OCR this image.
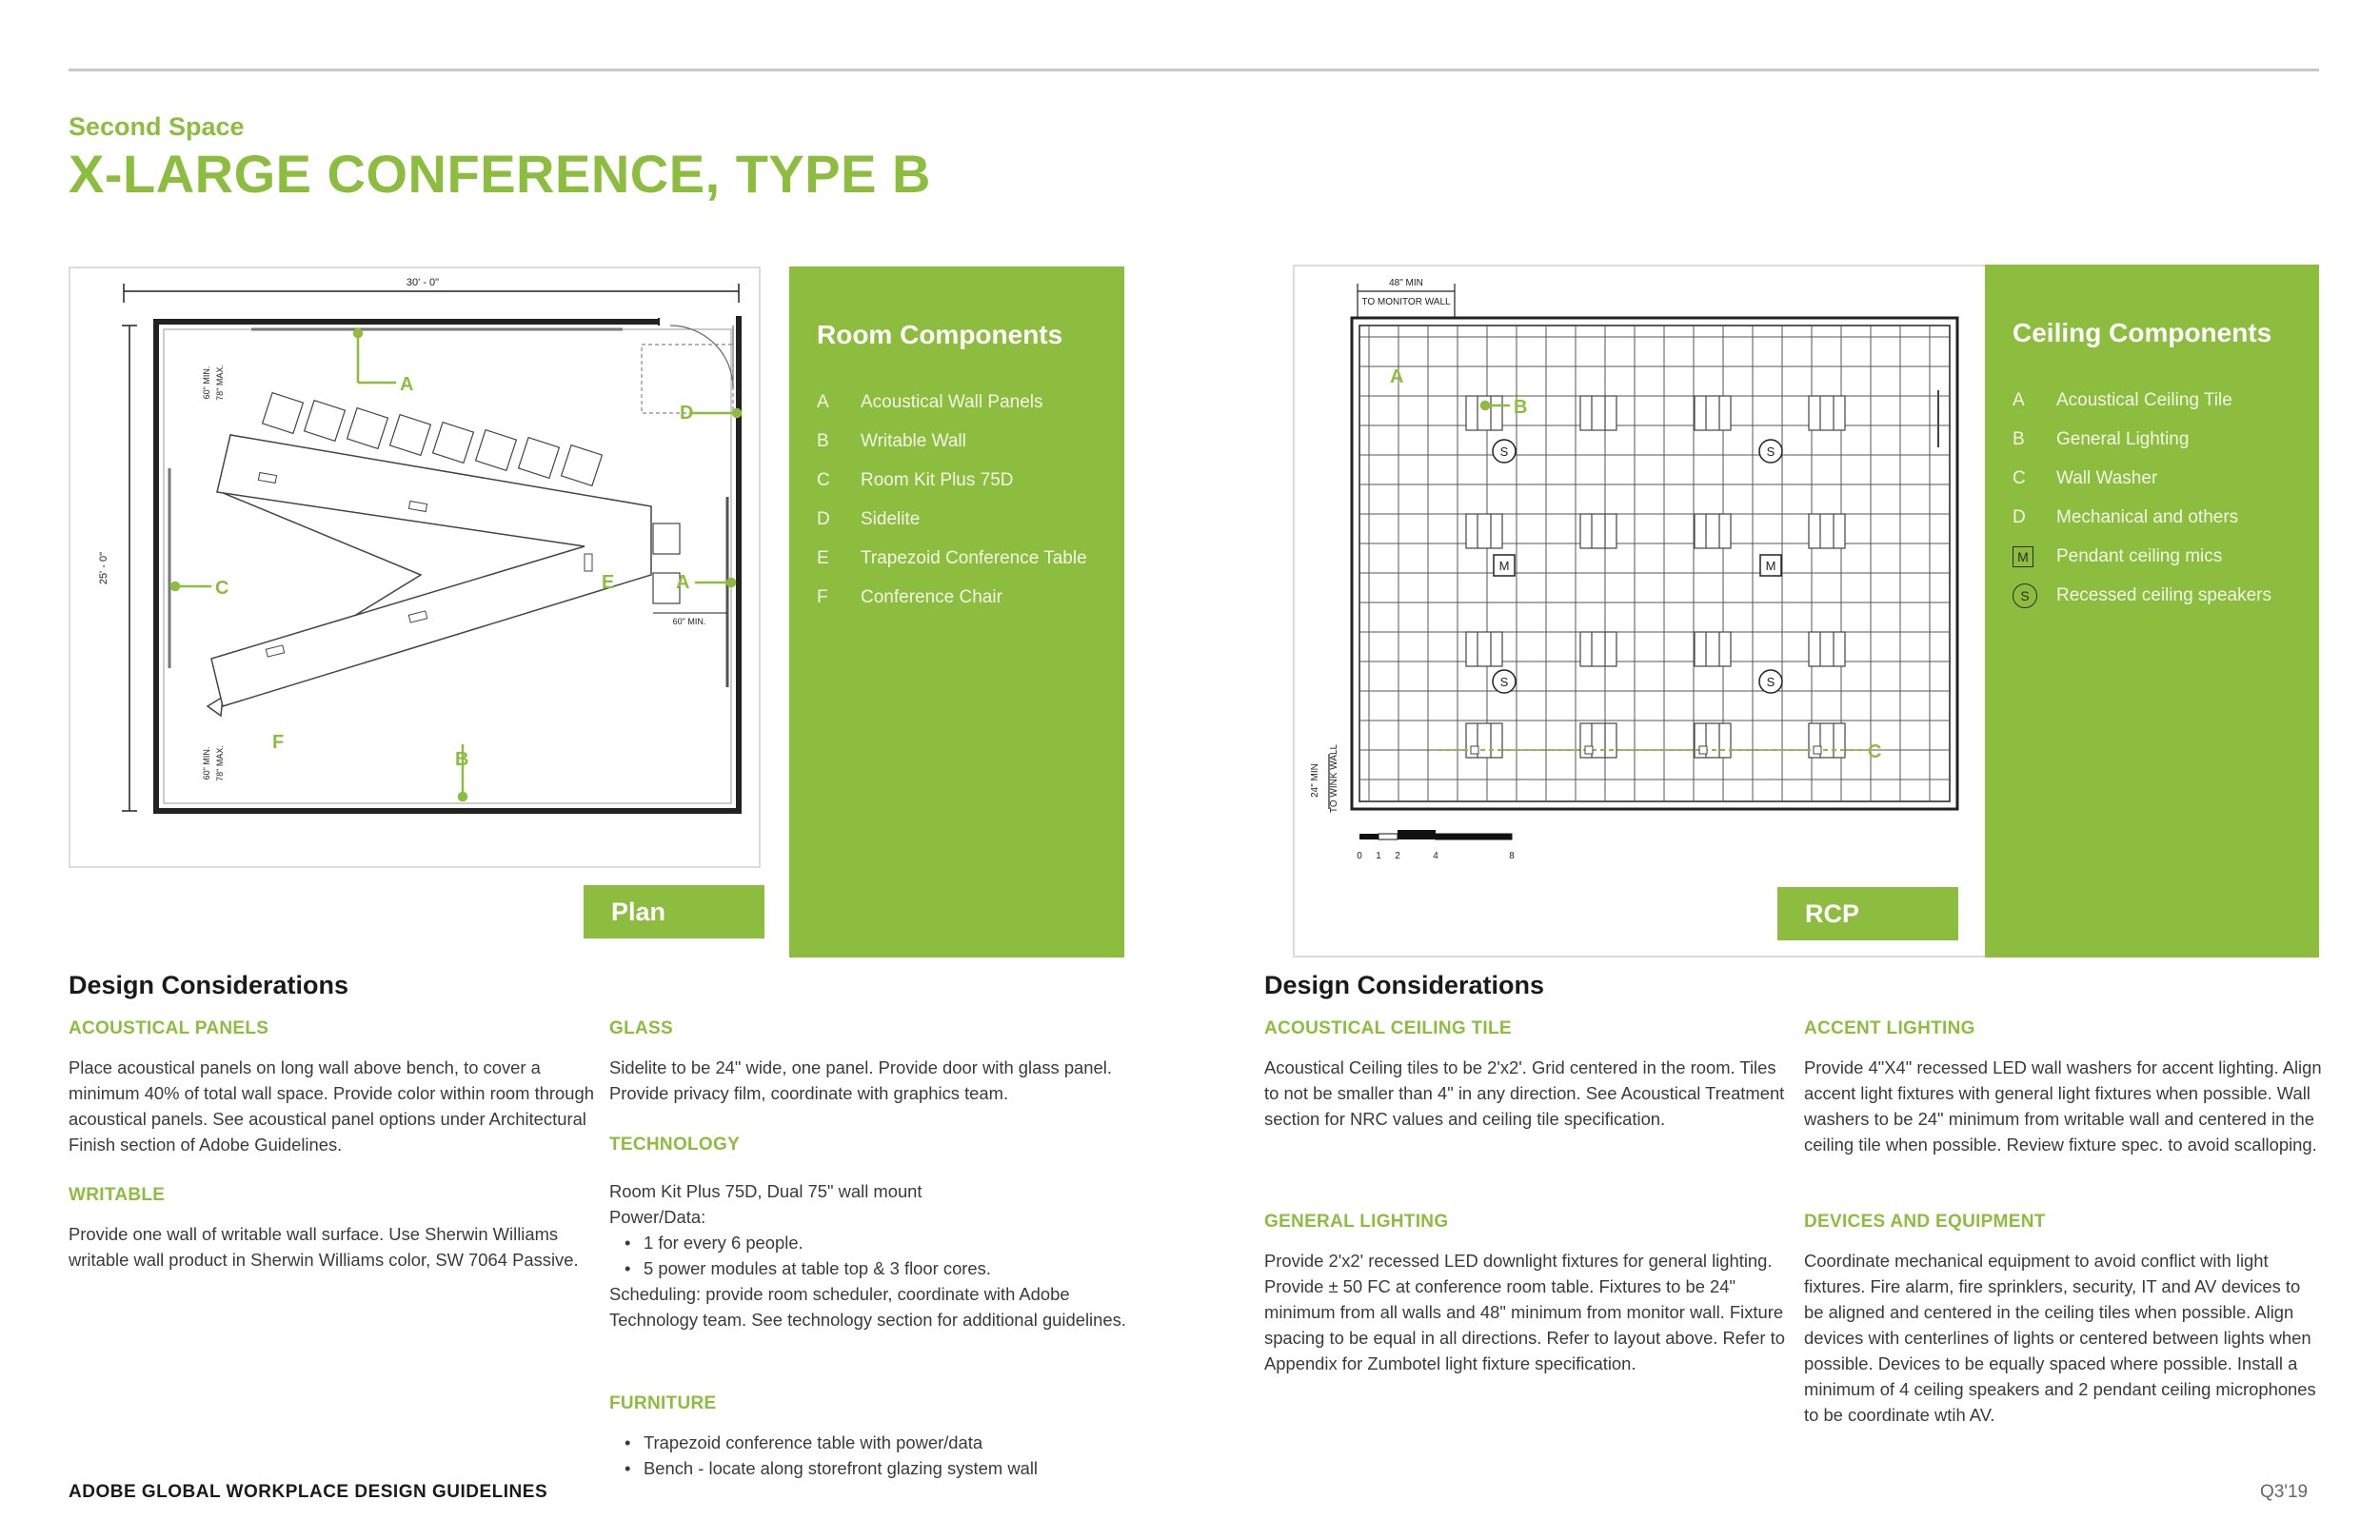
Second Space
X-LARGE CONFERENCE, TYPE B
30' - 0"
25' - 0"
60" MIN. 78" MAX.
60" MIN. 78" MAX.
60" MIN.
A
D
C	E	A
B
F
Room Components
A	Acoustical Wall Panels
B	Writable Wall
C	Room Kit Plus 75D
D	Sidelite
E	Trapezoid Conference Table
F	Conference Chair
Plan
48" MIN
TO MONITOR WALL
24" MIN TO WINK WALL
S	S
S	S
M	M
A
B
C
0 1 2	4	8
Ceiling Components
A	Acoustical Ceiling Tile
B	General Lighting
C	Wall Washer
D	Mechanical and others
M Pendant ceiling mics
S	Recessed ceiling speakers
RCP
Design Considerations
ACOUSTICAL PANELS

Place acoustical panels on long wall above bench, to cover a minimum 40% of total wall space. Provide color within room through acoustical panels. See acoustical panel options under Architectural Finish section of Adobe Guidelines.

WRITABLE

Provide one wall of writable wall surface. Use Sherwin Williams writable wall product in Sherwin Williams color, SW 7064 Passive.

GLASS

Sidelite to be 24" wide, one panel. Provide door with glass panel. Provide privacy film, coordinate with graphics team.

TECHNOLOGY
Room Kit Plus 75D, Dual 75" wall mount
Power/Data:
• 1 for every 6 people.
• 5 power modules at table top & 3 floor cores.
Scheduling: provide room scheduler, coordinate with Adobe Technology team. See technology section for additional guidelines.
FURNITURE
• Trapezoid conference table with power/data
• Bench - locate along storefront glazing system wall
Design Considerations
ACOUSTICAL CEILING TILE

Acoustical Ceiling tiles to be 2'x2'. Grid centered in the room. Tiles to not be smaller than 4" in any direction. See Acoustical Treatment section for NRC values and ceiling tile specification.

GENERAL LIGHTING

Provide 2'x2' recessed LED downlight fixtures for general lighting. Provide ± 50 FC at conference room table. Fixtures to be 24" minimum from all walls and 48" minimum from monitor wall. Fixture spacing to be equal in all directions. Refer to layout above. Refer to Appendix for Zumbotel light fixture specification.

ACCENT LIGHTING

Provide 4"X4" recessed LED wall washers for accent lighting. Align accent light fixtures with general light fixtures when possible. Wall washers to be 24" minimum from writable wall and centered in the ceiling tile when possible. Review fixture spec. to avoid scalloping.

DEVICES AND EQUIPMENT

Coordinate mechanical equipment to avoid conflict with light fixtures. Fire alarm, fire sprinklers, security, IT and AV devices to be aligned and centered in the ceiling tiles when possible. Align devices with centerlines of lights or centered between lights when possible. Devices to be equally spaced where possible. Install a minimum of 4 ceiling speakers and 2 pendant ceiling microphones to be coordinate wtih AV.

ADOBE GLOBAL WORKPLACE DESIGN GUIDELINES	Q3'19
